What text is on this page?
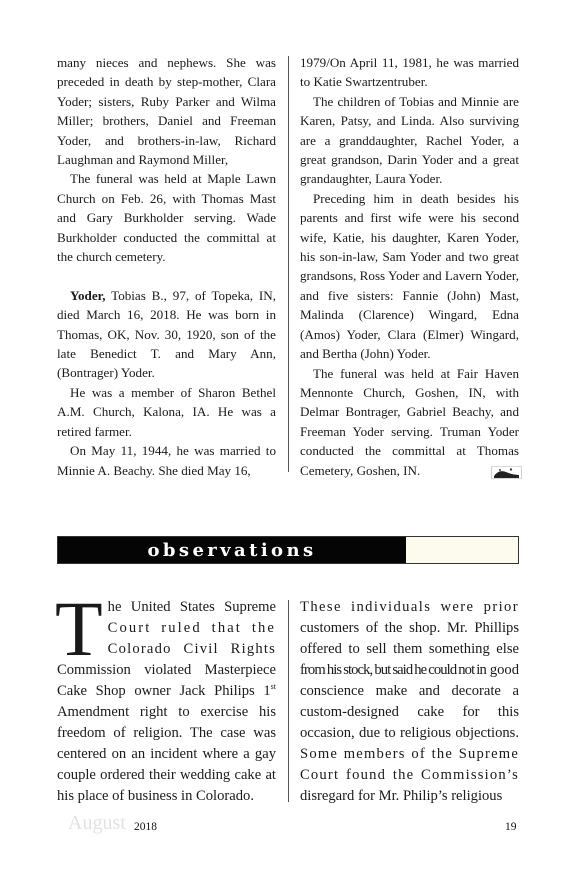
many nieces and nephews. She was preceded in death by step-mother, Clara Yoder; sisters, Ruby Parker and Wilma Miller; brothers, Daniel and Freeman Yoder, and brothers-in-law, Richard Laughman and Raymond Miller,

The funeral was held at Maple Lawn Church on Feb. 26, with Thomas Mast and Gary Burkholder serving. Wade Burkholder conducted the committal at the church cemetery.

Yoder, Tobias B., 97, of Topeka, IN, died March 16, 2018. He was born in Thomas, OK, Nov. 30, 1920, son of the late Benedict T. and Mary Ann, (Bontrager) Yoder.

He was a member of Sharon Bethel A.M. Church, Kalona, IA. He was a retired farmer.

On May 11, 1944, he was married to Minnie A. Beachy. She died May 16,

1979/On April 11, 1981, he was married to Katie Swartzentruber.

The children of Tobias and Minnie are Karen, Patsy, and Linda. Also surviving are a granddaughter, Rachel Yoder, a great grandson, Darin Yoder and a great grandaughter, Laura Yoder.

Preceding him in death besides his parents and first wife were his second wife, Katie, his daughter, Karen Yoder, his son-in-law, Sam Yoder and two great grandsons, Ross Yoder and Lavern Yoder, and five sisters: Fannie (John) Mast, Malinda (Clarence) Wingard, Edna (Amos) Yoder, Clara (Elmer) Wingard, and Bertha (John) Yoder.

The funeral was held at Fair Haven Mennonte Church, Goshen, IN, with Delmar Bontrager, Gabriel Beachy, and Freeman Yoder serving. Truman Yoder conducted the committal at Thomas Cemetery, Goshen, IN.

observations
T he United States Supreme Court ruled that the Colorado Civil Rights Commission violated Masterpiece Cake Shop owner Jack Philips 1st Amendment right to exercise his freedom of religion. The case was centered on an incident where a gay couple ordered their wedding cake at his place of business in Colorado.

These individuals were prior customers of the shop. Mr. Phillips offered to sell them something else from his stock, but said he could not in good conscience make and decorate a custom-designed cake for this occasion, due to religious objections. Some members of the Supreme Court found the Commission’s disregard for Mr. Philip’s religious

August 2018	19
